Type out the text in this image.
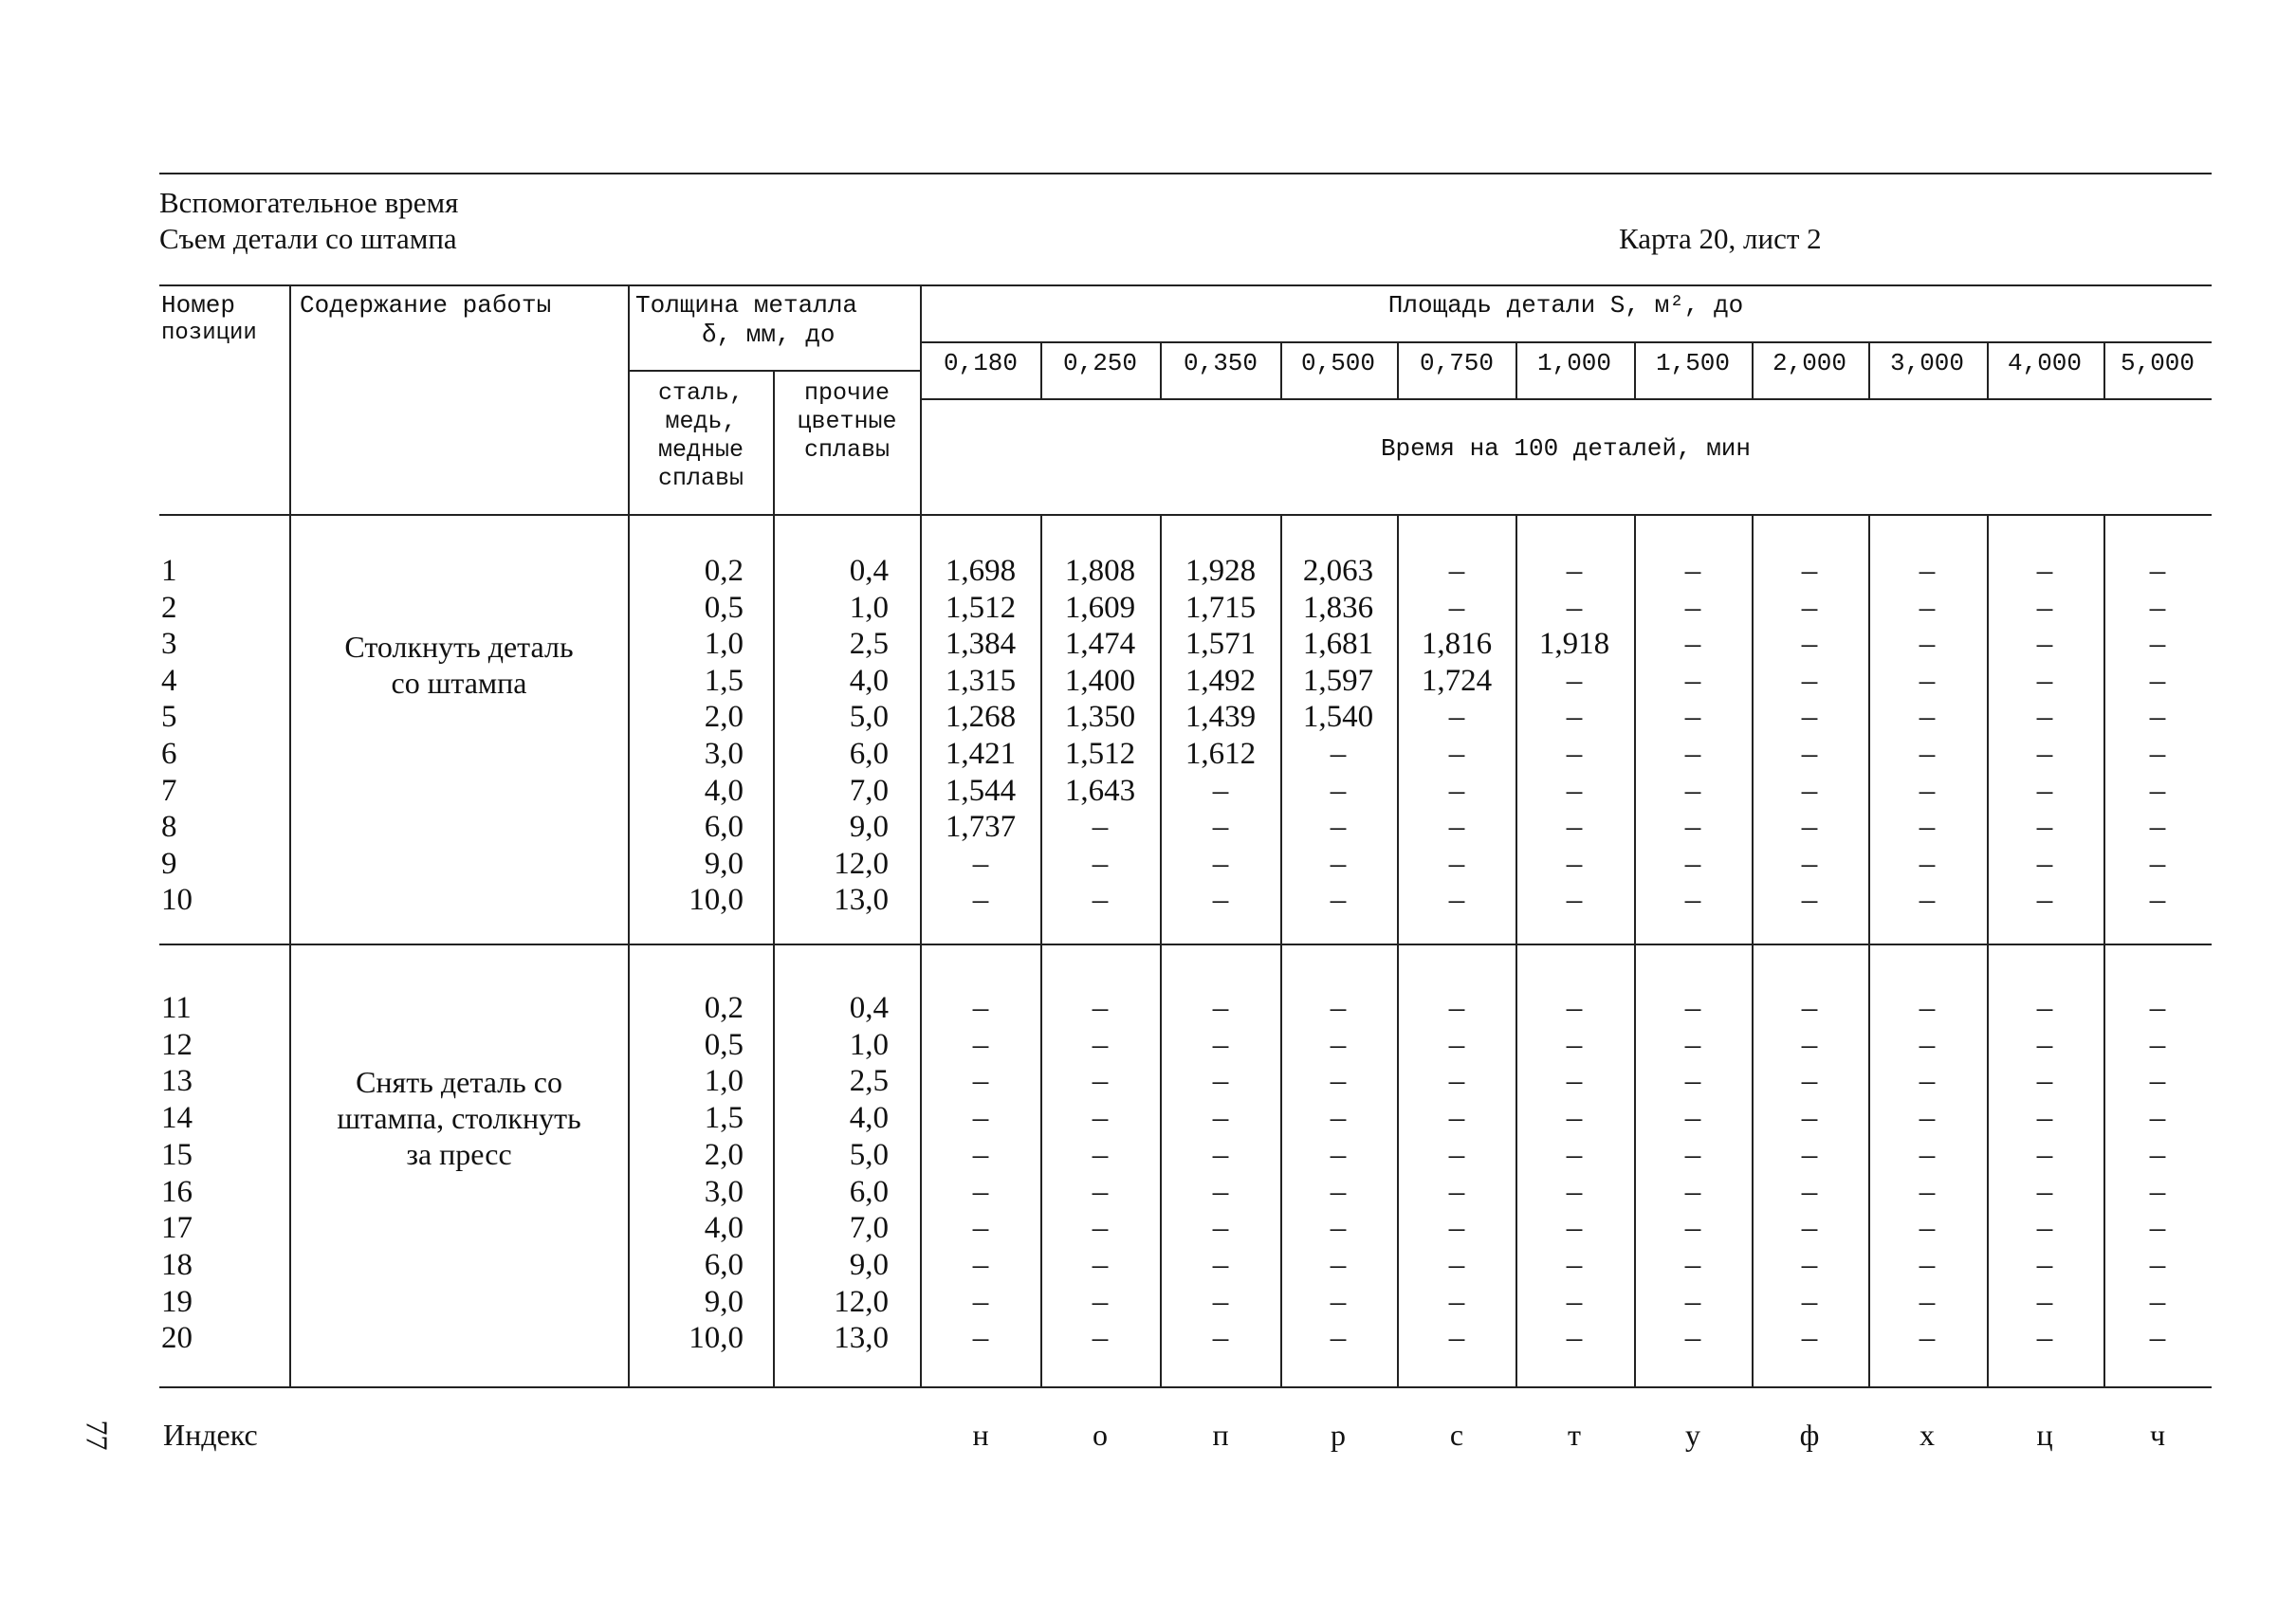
Вспомогательное время
Съем детали со штампа	Карта 20, лист 2
Номер
позиции
Содержание работы	Толщина металла
δ, мм, до
сталь,
медь,
медные
сплавы
прочие
цветные
сплавы
Площадь детали S, м², до
Время на 100 деталей, мин
0,180	0,250	0,350	0,500	0,750	1,000	1,500	2,000	3,000	4,000	5,000
Столкнуть деталь
со штампа
Снять деталь со
штампа, столкнуть
за пресс
1	0,2	0,4	1,698	1,808	1,928	2,063	–	–	–	–	–	–	–
2	0,5	1,0	1,512	1,609	1,715	1,836	–	–	–	–	–	–	–
3	1,0	2,5	1,384	1,474	1,571	1,681	1,816	1,918	–	–	–	–	–
4	1,5	4,0	1,315	1,400	1,492	1,597	1,724	–	–	–	–	–	–
5	2,0	5,0	1,268	1,350	1,439	1,540	–	–	–	–	–	–	–
6	3,0	6,0	1,421	1,512	1,612	–	–	–	–	–	–	–	–
7	4,0	7,0	1,544	1,643	–	–	–	–	–	–	–	–	–
8	6,0	9,0	1,737	–	–	–	–	–	–	–	–	–	–
9	9,0	12,0	–	–	–	–	–	–	–	–	–	–	–
10	10,0	13,0	–	–	–	–	–	–	–	–	–	–	–
11	0,2	0,4	–	–	–	–	–	–	–	–	–	–	–
12	0,5	1,0	–	–	–	–	–	–	–	–	–	–	–
13	1,0	2,5	–	–	–	–	–	–	–	–	–	–	–
14	1,5	4,0	–	–	–	–	–	–	–	–	–	–	–
15	2,0	5,0	–	–	–	–	–	–	–	–	–	–	–
16	3,0	6,0	–	–	–	–	–	–	–	–	–	–	–
17	4,0	7,0	–	–	–	–	–	–	–	–	–	–	–
18	6,0	9,0	–	–	–	–	–	–	–	–	–	–	–
19	9,0	12,0	–	–	–	–	–	–	–	–	–	–	–
20	10,0	13,0	–	–	–	–	–	–	–	–	–	–	–
Индекс	н	о	п	р	с	т	у	ф	х	ц	ч
77
